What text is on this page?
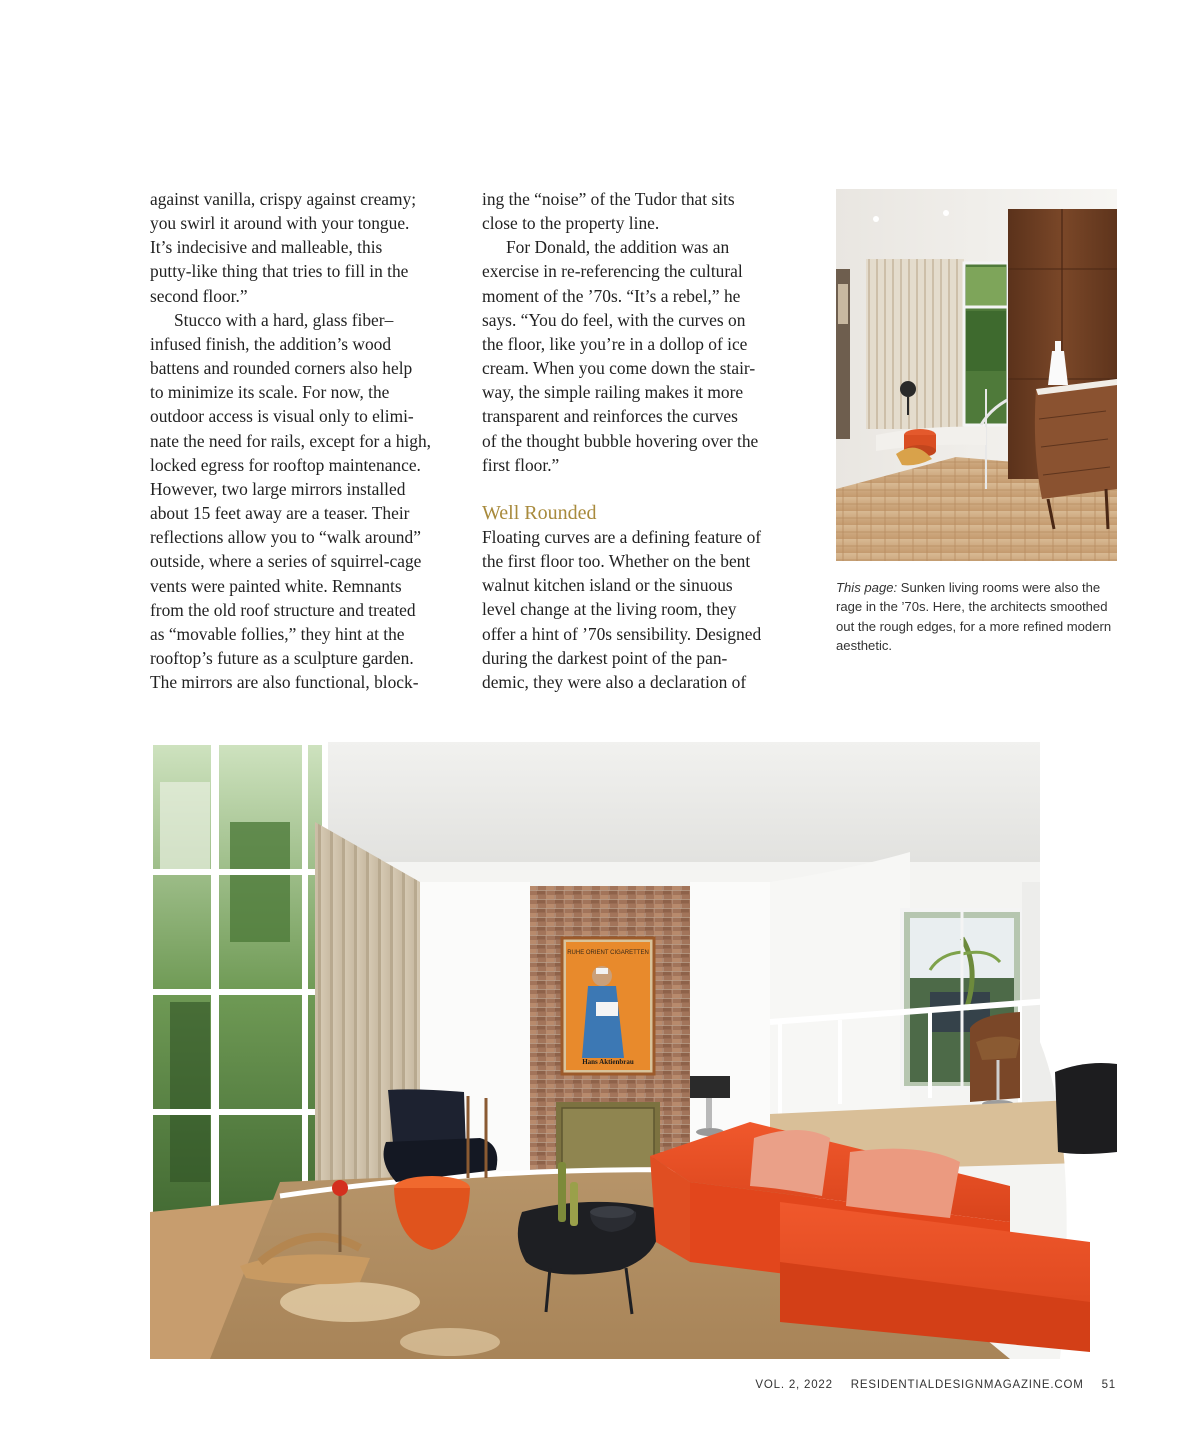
against vanilla, crispy against creamy;
you swirl it around with your tongue.
It’s indecisive and malleable, this
putty-like thing that tries to fill in the
second floor.”

Stucco with a hard, glass fiber–
infused finish, the addition’s wood
battens and rounded corners also help
to minimize its scale. For now, the
outdoor access is visual only to elimi-
nate the need for rails, except for a high,
locked egress for rooftop maintenance.
However, two large mirrors installed
about 15 feet away are a teaser. Their
reflections allow you to “walk around”
outside, where a series of squirrel-cage
vents were painted white. Remnants
from the old roof structure and treated
as “movable follies,” they hint at the
rooftop’s future as a sculpture garden.
The mirrors are also functional, block-

ing the “noise” of the Tudor that sits
close to the property line.

For Donald, the addition was an
exercise in re-referencing the cultural
moment of the ’70s. “It’s a rebel,” he
says. “You do feel, with the curves on
the floor, like you’re in a dollop of ice
cream. When you come down the stair-
way, the simple railing makes it more
transparent and reinforces the curves
of the thought bubble hovering over the
first floor.”

Well Rounded

Floating curves are a defining feature of
the first floor too. Whether on the bent
walnut kitchen island or the sinuous
level change at the living room, they
offer a hint of ’70s sensibility. Designed
during the darkest point of the pan-
demic, they were also a declaration of

This page: Sunken living rooms were also the rage in the ’70s. Here, the architects smoothed out the rough edges, for a more refined modern aesthetic.
RUHE ORIENT CIGARETTEN
Hans Aktienbrau
VOL. 2, 2022 RESIDENTIALDESIGNMAGAZINE.COM 51
